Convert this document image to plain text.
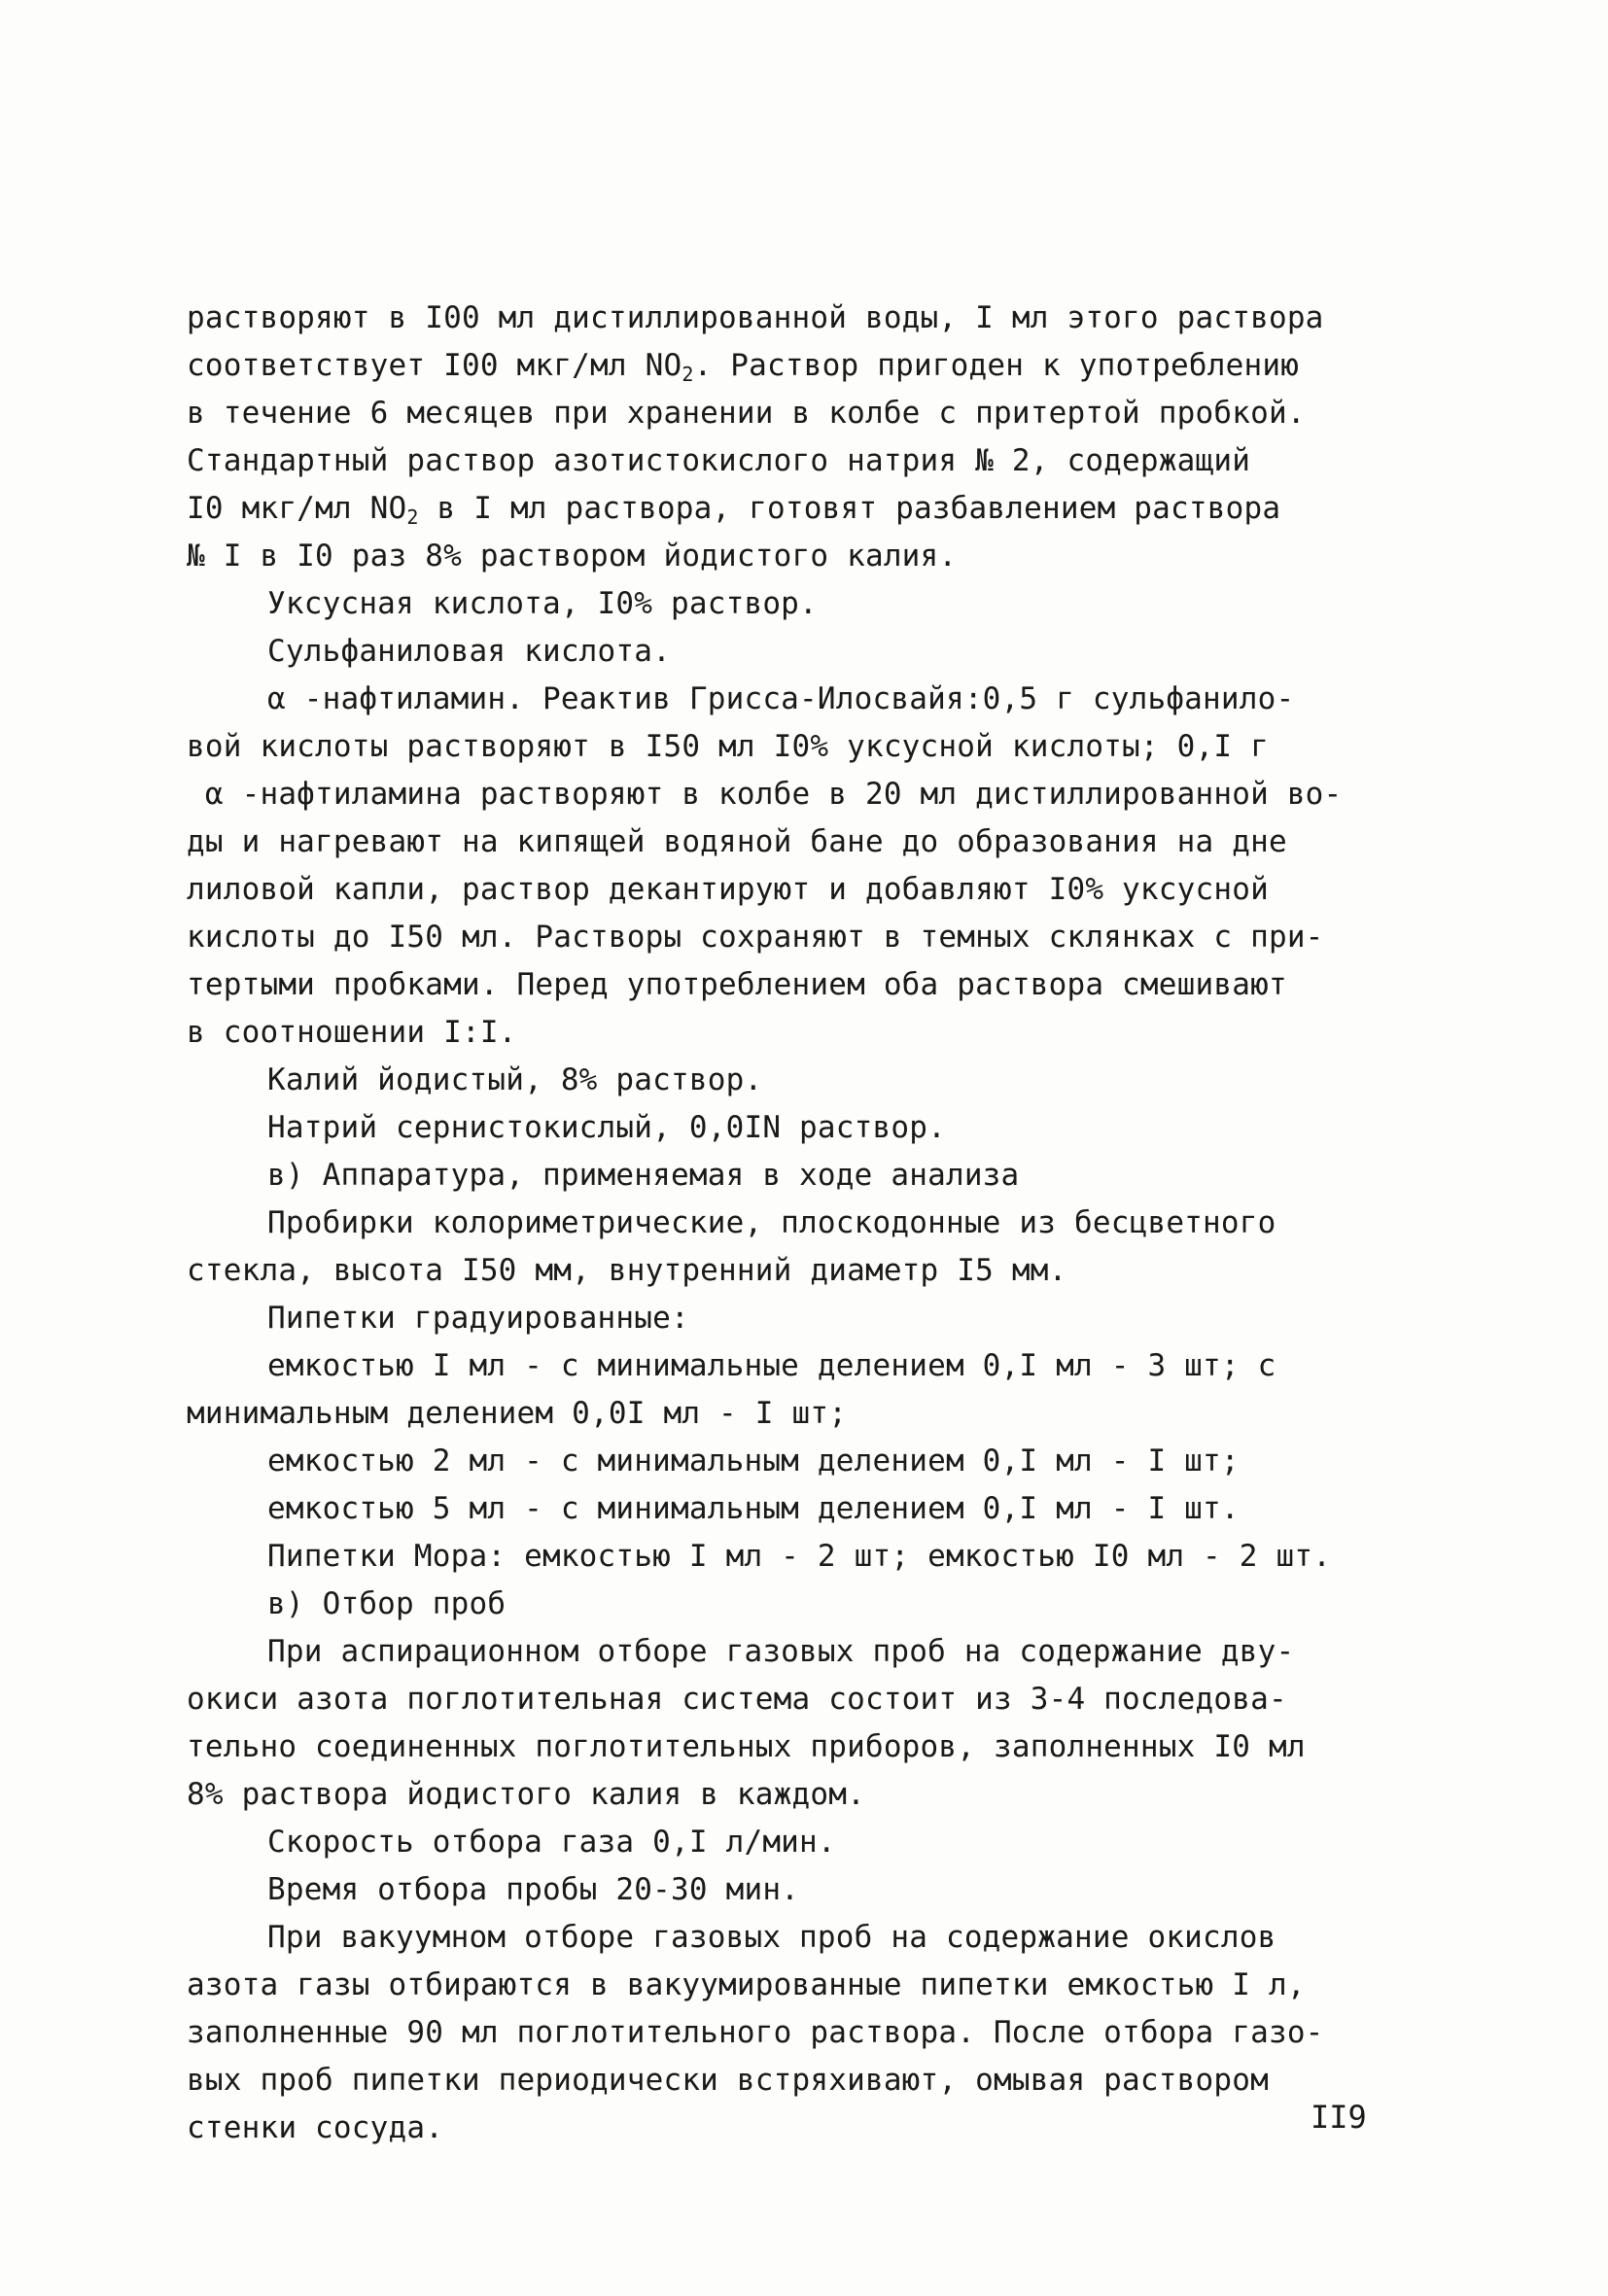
растворяют в I00 мл дистиллированной воды, I мл этого раствора
соответствует I00 мкг/мл $NO_2$. Раствор пригоден к употреблению
в течение 6 месяцев при хранении в колбе с притертой пробкой.
Стандартный раствор азотистокислого натрия № 2, содержащий
I0 мкг/мл $NO_2$ в I мл раствора, готовят разбавлением раствора
№ I в I0 раз 8% раствором йодистого калия.
Уксусная кислота, I0% раствор.
Сульфаниловая кислота.
α -нафтиламин. Реактив Грисса-Илосвайя:0,5 г сульфанило-
вой кислоты растворяют в I50 мл I0% уксусной кислоты; 0,I г
α -нафтиламина растворяют в колбе в 20 мл дистиллированной во-
ды и нагревают на кипящей водяной бане до образования на дне
лиловой капли, раствор декантируют и добавляют I0% уксусной
кислоты до I50 мл. Растворы сохраняют в темных склянках с при-
тертыми пробками. Перед употреблением оба раствора смешивают
в соотношении I:I.
Калий йодистый, 8% раствор.
Натрий сернистокислый, 0,0IN раствор.
в) Аппаратура, применяемая в ходе анализа
Пробирки колориметрические, плоскодонные из бесцветного
стекла, высота I50 мм, внутренний диаметр I5 мм.
Пипетки градуированные:
емкостью I мл - с минимальные делением 0,I мл - 3 шт; с
минимальным делением 0,0I мл - I шт;
емкостью 2 мл - с минимальным делением 0,I мл - I шт;
емкостью 5 мл - с минимальным делением 0,I мл - I шт.
Пипетки Мора: емкостью I мл - 2 шт; емкостью I0 мл - 2 шт.
в) Отбор проб
При аспирационном отборе газовых проб на содержание дву-
окиси азота поглотительная система состоит из 3-4 последова-
тельно соединенных поглотительных приборов, заполненных I0 мл
8% раствора йодистого калия в каждом.
Скорость отбора газа 0,I л/мин.
Время отбора пробы 20-30 мин.
При вакуумном отборе газовых проб на содержание окислов
азота газы отбираются в вакуумированные пипетки емкостью I л,
заполненные 90 мл поглотительного раствора. После отбора газо-
вых проб пипетки периодически встряхивают, омывая раствором
стенки сосуда.	II9
